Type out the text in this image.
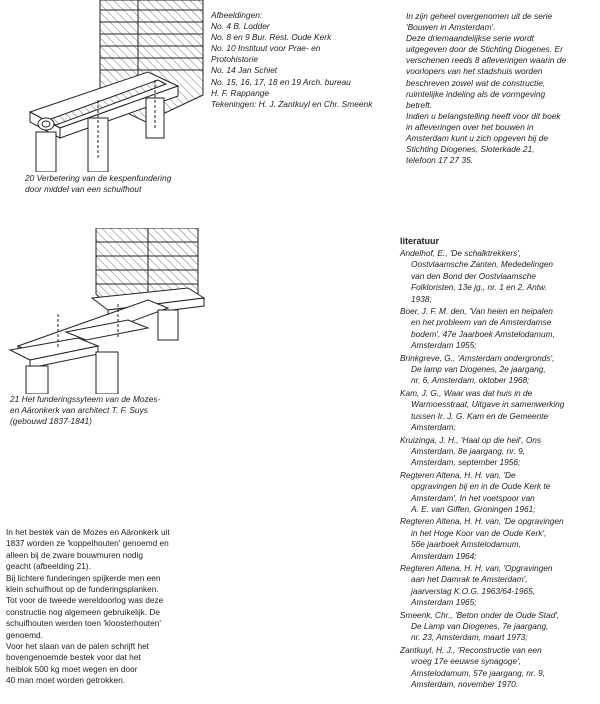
20 Verbetering van de kespenfundering
door middel van een schuifhout
Afbeeldingen:
No. 4 B. Lodder
No. 8 en 9 Bur. Rest. Oude Kerk
No. 10 Instituut voor Prae- en
Protohistorie
No. 14 Jan Schiet
No. 15, 16, 17, 18 en 19 Arch. bureau
H. F. Rappange
Tekeningen: H. J. Zantkuyl en Chr. Smeenk
In zijn geheel overgenomen uit de serie
'Bouwen in Amsterdam'.
Deze driemaandelijkse serie wordt
uitgegeven door de Stichting Diogenes. Er
verschenen reeds 8 afleveringen waarin de
voorlopers van het stadshuis worden
beschreven zowel wat de constructie,
ruimtelijke indeling als de vormgeving
betreft.
Indien u belangstelling heeft voor dit boek
in afleveringen over het bouwen in
Amsterdam kunt u zich opgeven bij de
Stichting Diogenes, Sloterkade 21,
telefoon 17 27 35.
21 Het funderingssyteem van de Mozes-
en Aäronkerk van architect T. F. Suys
(gebouwd 1837-1841)
In het bestek van de Mozes en Aäronkerk uit
1837 worden ze 'koppelhouten' genoemd en
alleen bij de zware bouwmuren nodig
geacht (afbeelding 21).
Bij lichtere funderingen spijkerde men een
klein schuifhout op de funderingsplanken.
Tot voor de tweede wereldoorlog was deze
constructie nog algemeen gebruikelijk. De
schuifhouten werden toen 'kloosterhouten'
genoemd.
Voor het slaan van de palen schrijft het
bovengenoemde bestek voor dat het
heiblok 500 kg moet wegen en door
40 man moet worden getrokken.
literatuur
Andelhof, E., 'De schalktrekkers',
Oostvlaamsche Zanten, Mededelingen
van den Bond der Oostvlaamsche
Folkloristen, 13e jg., nr. 1 en 2, Antw.
1938;
Boer, J. F. M. den, 'Van heien en heipalen
en het probleem van de Amsterdamse
bodem', 47e Jaarboek Amstelodamum,
Amsterdam 1955;
Brinkgreve, G., 'Amsterdam ondergronds',
De lamp van Diogenes, 2e jaargang,
nr. 6, Amsterdam, oktober 1968;
Kam, J. G., Waar was dat huis in de
Warmoesstraat, Uitgave in samenwerking
tussen Ir. J. G. Kam en de Gemeente
Amsterdam;
Kruizinga, J. H., 'Haal op die heil', Ons
Amsterdam, 8e jaargang, nr. 9,
Amsterdam, september 1956;
Regteren Altena, H. H. van, 'De
opgravingen bij en in de Oude Kerk te
Amsterdam', In het voetspoor van
A. E. van Giffen, Groningen 1961;
Regteren Altena, H. H. van, 'De opgravingen
in het Hoge Koor van de Oude Kerk',
56e jaarboek Amstelodamum,
Amsterdam 1964;
Regteren Altena, H. H. van, 'Opgravingen
aan het Damrak te Amsterdam',
jaarverslag K.O.G. 1963/64-1965,
Amsterdam 1965;
Smeenk, Chr., 'Beton onder de Oude Stad',
De Lamp van Diogenes, 7e jaargang,
nr. 23, Amsterdam, maart 1973;
Zantkuyl, H. J., 'Reconstructie van een
vroeg 17e eeuwse synagoge',
Amstelodamum, 57e jaargang, nr. 9,
Amsterdam, november 1970.
